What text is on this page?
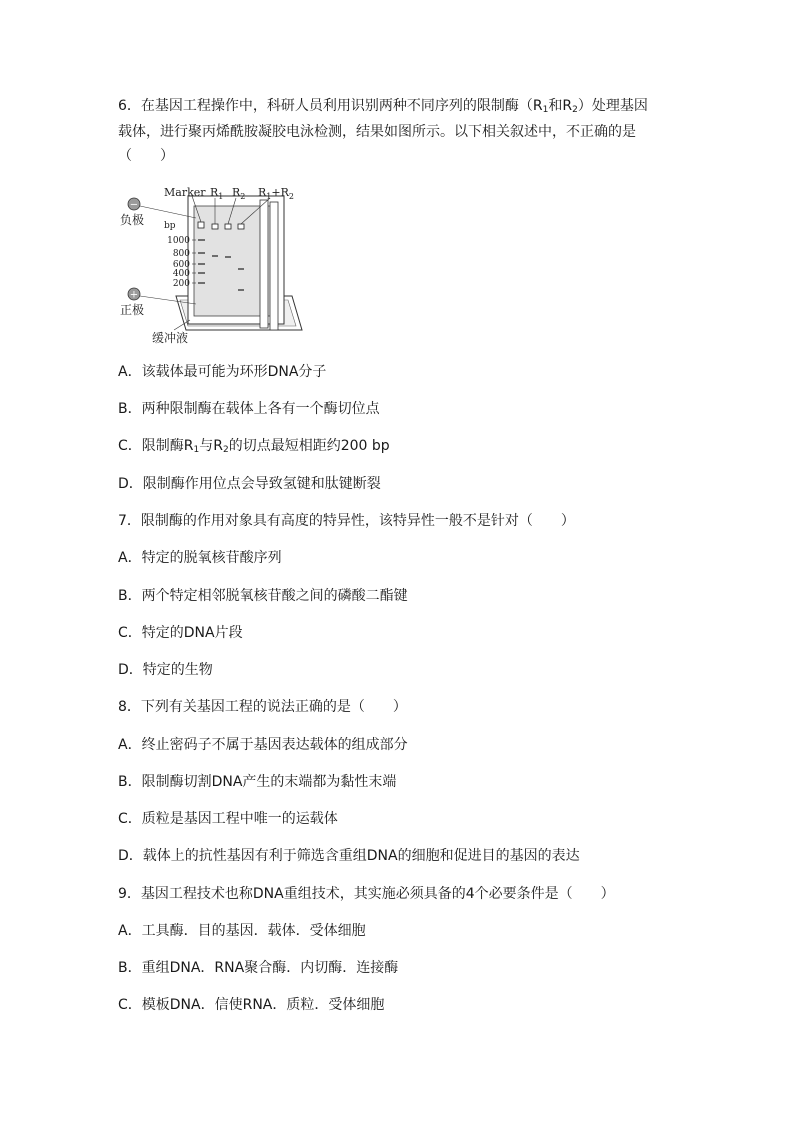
6．在基因工程操作中，科研人员利用识别两种不同序列的限制酶（$R_1$和$R_2$）处理基因
载体，进行聚丙烯酰胺凝胶电泳检测，结果如图所示。以下相关叙述中，不正确的是
（　　）
Marker $R_1$ $R_2$ $R_1+R_2$
−
负极 bp
1000
800
600
400
200
+
正极
缓冲液
A．该载体最可能为环形DNA分子
B．两种限制酶在载体上各有一个酶切位点
C．限制酶$R_1$与$R_2$的切点最短相距约200 bp
D．限制酶作用位点会导致氢键和肽键断裂
7．限制酶的作用对象具有高度的特异性，该特异性一般不是针对（　　）
A．特定的脱氧核苷酸序列
B．两个特定相邻脱氧核苷酸之间的磷酸二酯键
C．特定的DNA片段
D．特定的生物
8．下列有关基因工程的说法正确的是（　　）
A．终止密码子不属于基因表达载体的组成部分
B．限制酶切割DNA产生的末端都为黏性末端
C．质粒是基因工程中唯一的运载体
D．载体上的抗性基因有利于筛选含重组DNA的细胞和促进目的基因的表达
9．基因工程技术也称DNA重组技术，其实施必须具备的4个必要条件是（　　）
A．工具酶．目的基因．载体．受体细胞
B．重组DNA．RNA聚合酶．内切酶．连接酶
C．模板DNA．信使RNA．质粒．受体细胞
